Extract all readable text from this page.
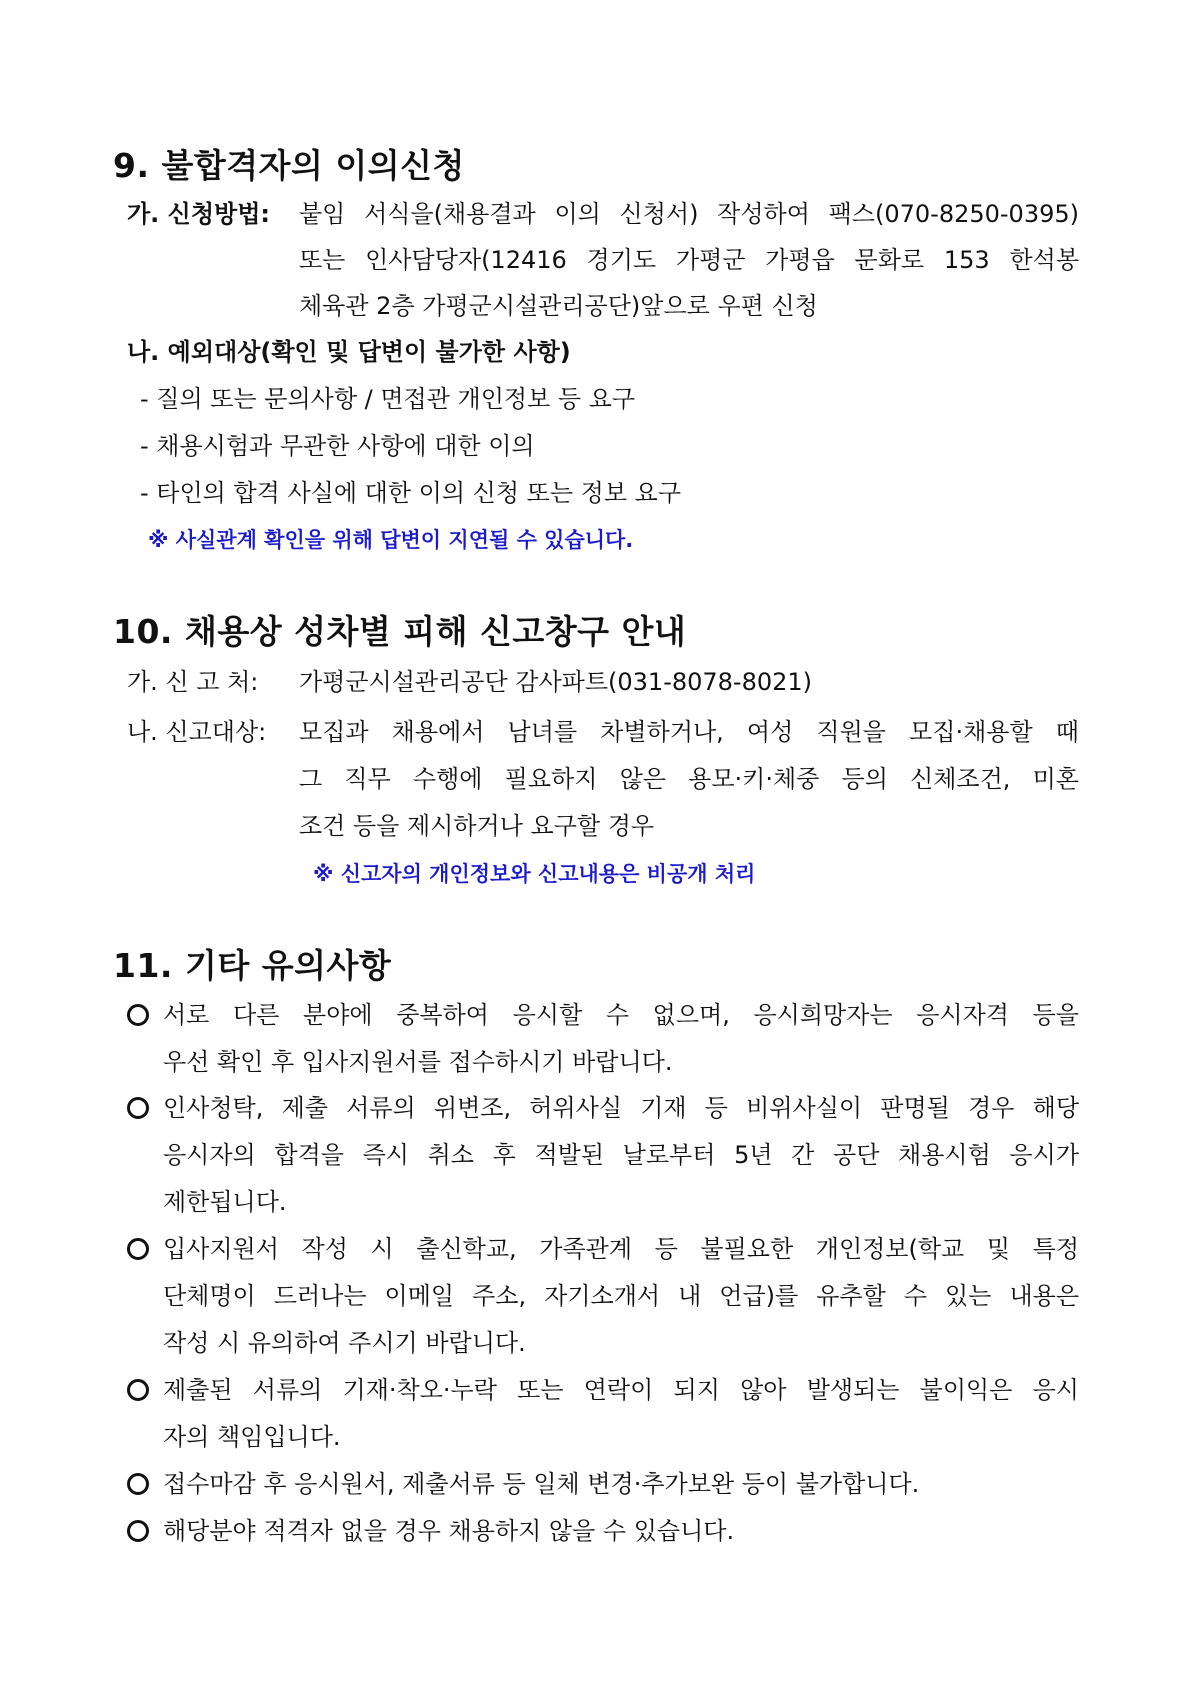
9. 불합격자의 이의신청
가. 신청방법: 붙임 서식을(채용결과 이의 신청서) 작성하여 팩스(070-8250-0395)
또는 인사담당자(12416 경기도 가평군 가평읍 문화로 153 한석봉
체육관 2층 가평군시설관리공단)앞으로 우편 신청
나. 예외대상(확인 및 답변이 불가한 사항)
- 질의 또는 문의사항 / 면접관 개인정보 등 요구
- 채용시험과 무관한 사항에 대한 이의
- 타인의 합격 사실에 대한 이의 신청 또는 정보 요구
※ 사실관계 확인을 위해 답변이 지연될 수 있습니다.
10. 채용상 성차별 피해 신고창구 안내
가. 신 고 처: 가평군시설관리공단 감사파트(031-8078-8021)
나. 신고대상: 모집과 채용에서 남녀를 차별하거나, 여성 직원을 모집·채용할 때
그 직무 수행에 필요하지 않은 용모·키·체중 등의 신체조건, 미혼
조건 등을 제시하거나 요구할 경우
※ 신고자의 개인정보와 신고내용은 비공개 처리
11. 기타 유의사항
서로 다른 분야에 중복하여 응시할 수 없으며, 응시희망자는 응시자격 등을
우선 확인 후 입사지원서를 접수하시기 바랍니다.
인사청탁, 제출 서류의 위변조, 허위사실 기재 등 비위사실이 판명될 경우 해당
응시자의 합격을 즉시 취소 후 적발된 날로부터 5년 간 공단 채용시험 응시가
제한됩니다.
입사지원서 작성 시 출신학교, 가족관계 등 불필요한 개인정보(학교 및 특정
단체명이 드러나는 이메일 주소, 자기소개서 내 언급)를 유추할 수 있는 내용은
작성 시 유의하여 주시기 바랍니다.
제출된 서류의 기재·착오·누락 또는 연락이 되지 않아 발생되는 불이익은 응시
자의 책임입니다.
접수마감 후 응시원서, 제출서류 등 일체 변경·추가보완 등이 불가합니다.
해당분야 적격자 없을 경우 채용하지 않을 수 있습니다.
